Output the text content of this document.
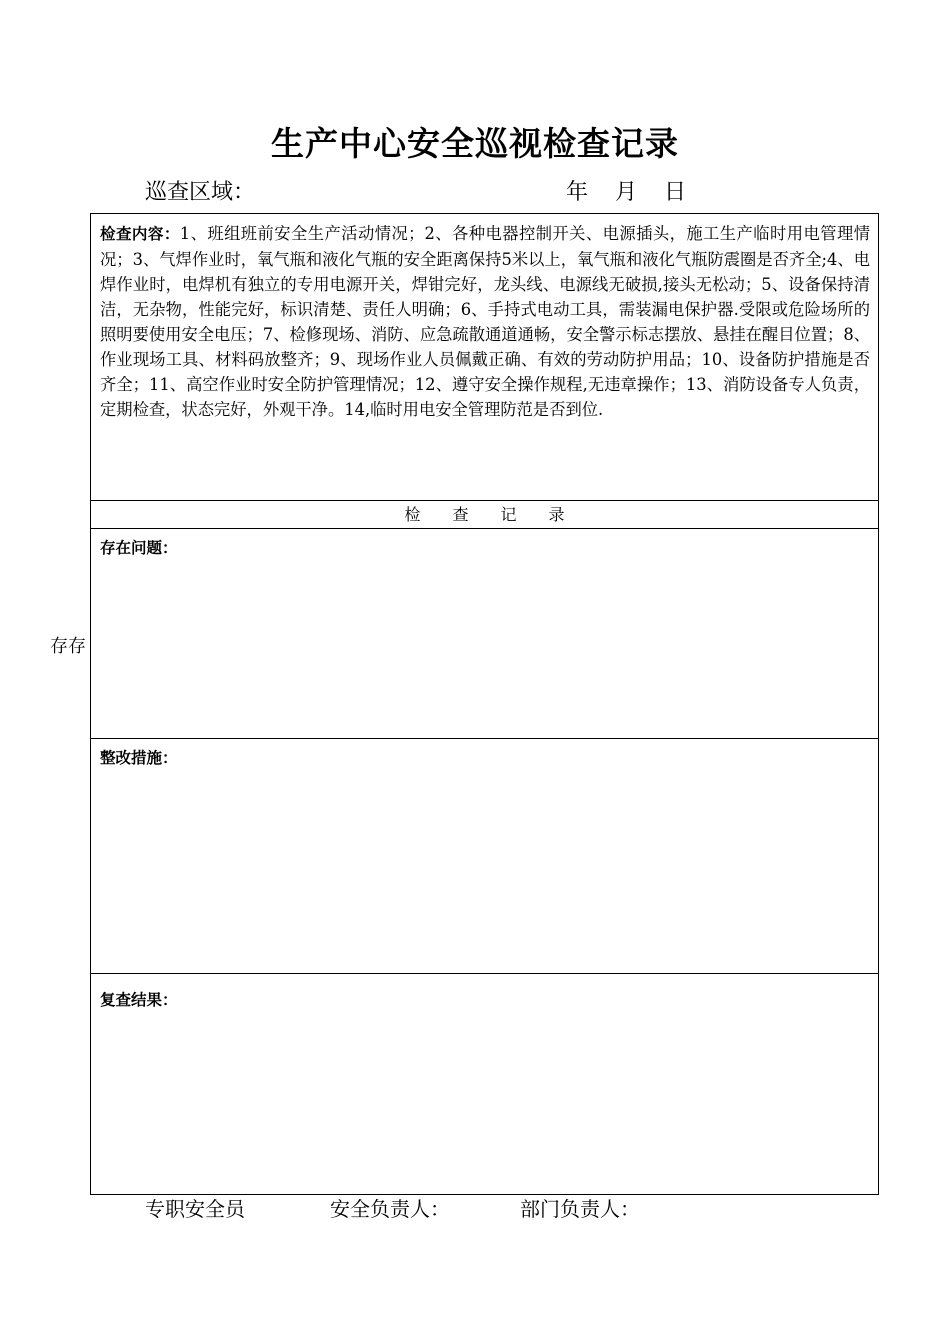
生产中心安全巡视检查记录
巡查区域：	年 月 日
检查内容：1、班组班前安全生产活动情况；2、各种电器控制开关、电源插头，施工生产临时用电管理情况；3、气焊作业时，氧气瓶和液化气瓶的安全距离保持5米以上，氧气瓶和液化气瓶防震圈是否齐全;4、电焊作业时，电焊机有独立的专用电源开关，焊钳完好，龙头线、电源线无破损,接头无松动；5、设备保持清洁，无杂物，性能完好，标识清楚、责任人明确；6、手持式电动工具，需装漏电保护器.受限或危险场所的照明要使用安全电压；7、检修现场、消防、应急疏散通道通畅，安全警示标志摆放、悬挂在醒目位置；8、作业现场工具、材料码放整齐；9、现场作业人员佩戴正确、有效的劳动防护用品；10、设备防护措施是否齐全；11、高空作业时安全防护管理情况；12、遵守安全操作规程,无违章操作；13、消防设备专人负责，定期检查，状态完好，外观干净。14,临时用电安全管理防范是否到位.
检查记录
存在问题：
整改措施：
复查结果：
存存
专职安全员	安全负责人：	部门负责人：
